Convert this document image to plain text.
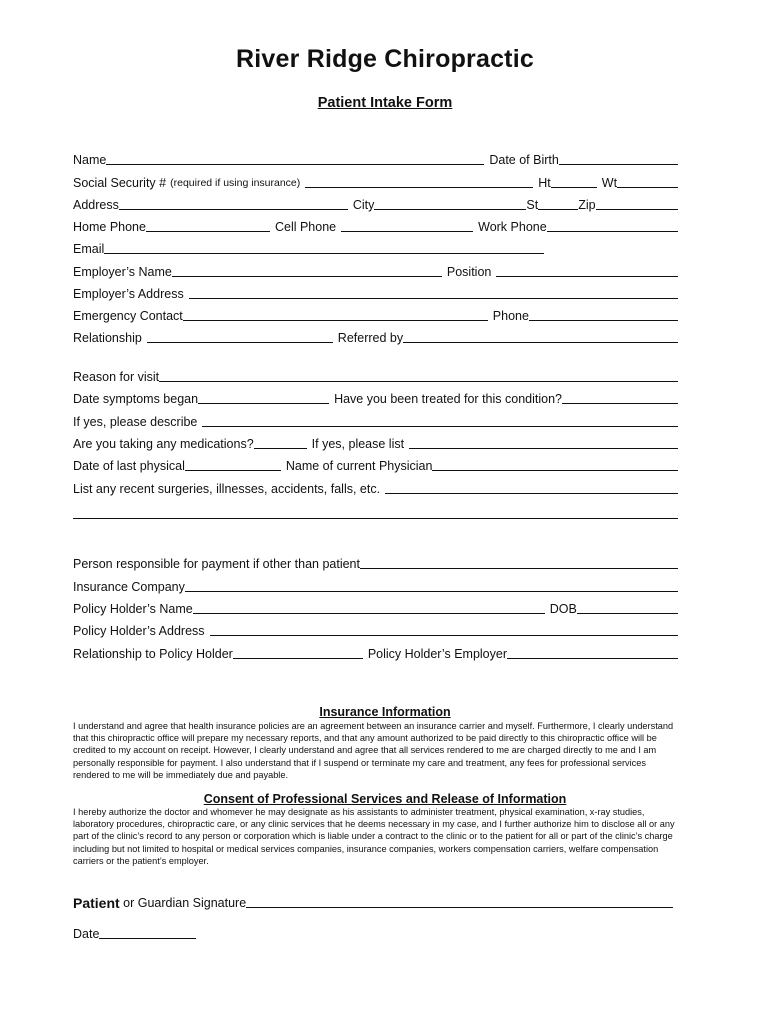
River Ridge Chiropractic
Patient Intake Form
Name	Date of Birth
Social Security # (required if using insurance)	Ht	Wt
Address	City	St	Zip
Home Phone	Cell Phone	Work Phone
Email
Employer’s Name	Position
Employer’s Address
Emergency Contact	Phone
Relationship	Referred by
Reason for visit
Date symptoms began	Have you been treated for this condition?
If yes, please describe
Are you taking any medications?	If yes, please list
Date of last physical	Name of current Physician
List any recent surgeries, illnesses, accidents, falls, etc.
Person responsible for payment if other than patient
Insurance Company
Policy Holder’s Name	DOB
Policy Holder’s Address
Relationship to Policy Holder	Policy Holder’s Employer
Insurance Information
I understand and agree that health insurance policies are an agreement between an insurance carrier and myself. Furthermore, I clearly understand that this chiropractic office will prepare my necessary reports, and that any amount authorized to be paid directly to this chiropractic office will be credited to my account on receipt. However, I clearly understand and agree that all services rendered to me are charged directly to me and I am personally responsible for payment. I also understand that if I suspend or terminate my care and treatment, any fees for professional services rendered to me will be immediately due and payable.
Consent of Professional Services and Release of Information
I hereby authorize the doctor and whomever he may designate as his assistants to administer treatment, physical examination, x-ray studies, laboratory procedures, chiropractic care, or any clinic services that he deems necessary in my case, and I further authorize him to disclose all or any part of the clinic’s record to any person or corporation which is liable under a contract to the clinic or to the patient for all or part of the clinic’s charge including but not limited to hospital or medical services companies, insurance companies, workers compensation carriers, welfare compensation carriers or the patient’s employer.
Patient or Guardian Signature
Date
